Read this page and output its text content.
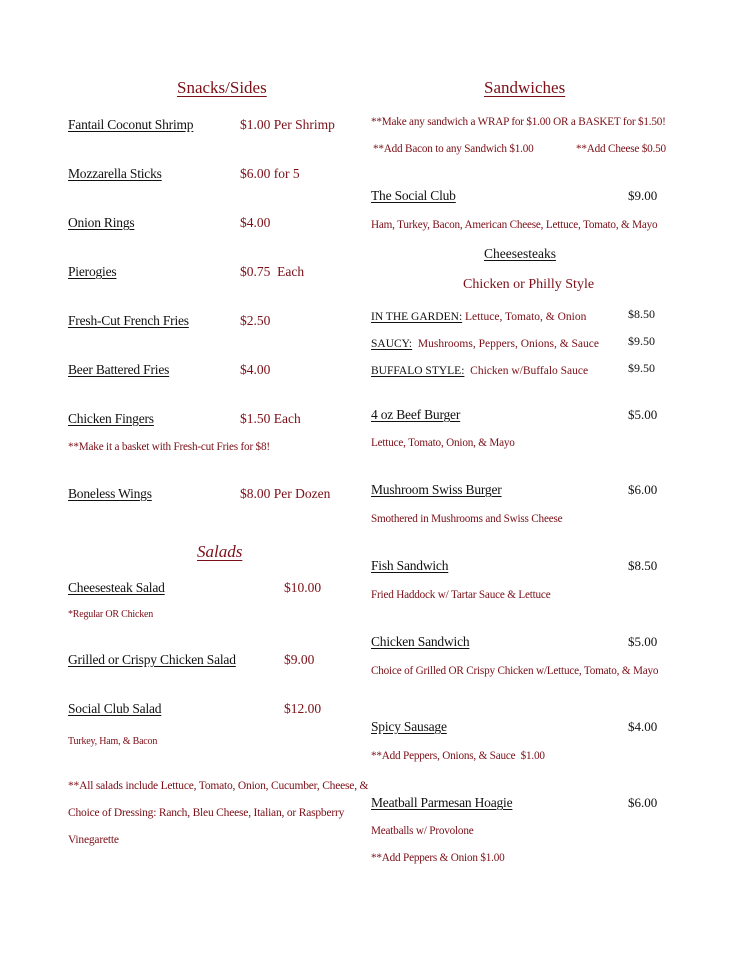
Snacks/Sides
Fantail Coconut Shrimp	$1.00 Per Shrimp
Mozzarella Sticks	$6.00 for 5
Onion Rings	$4.00
Pierogies	$0.75  Each
Fresh-Cut French Fries	$2.50
Beer Battered Fries	$4.00
Chicken Fingers	$1.50 Each
**Make it a basket with Fresh-cut Fries for $8!
Boneless Wings	$8.00 Per Dozen
Salads
Cheesesteak Salad	$10.00
*Regular OR Chicken
Grilled or Crispy Chicken Salad	$9.00
Social Club Salad	$12.00
Turkey, Ham, & Bacon
**All salads include Lettuce, Tomato, Onion, Cucumber, Cheese, &
Choice of Dressing: Ranch, Bleu Cheese, Italian, or Raspberry
Vinegarette
Sandwiches
**Make any sandwich a WRAP for $1.00 OR a BASKET for $1.50!
**Add Bacon to any Sandwich $1.00	**Add Cheese $0.50
The Social Club	$9.00
Ham, Turkey, Bacon, American Cheese, Lettuce, Tomato, & Mayo
Cheesesteaks
Chicken or Philly Style
IN THE GARDEN: Lettuce, Tomato, & Onion	$8.50
SAUCY:  Mushrooms, Peppers, Onions, & Sauce $9.50
BUFFALO STYLE:  Chicken w/Buffalo Sauce	$9.50
4 oz Beef Burger	$5.00
Lettuce, Tomato, Onion, & Mayo
Mushroom Swiss Burger	$6.00
Smothered in Mushrooms and Swiss Cheese
Fish Sandwich	$8.50
Fried Haddock w/ Tartar Sauce & Lettuce
Chicken Sandwich	$5.00
Choice of Grilled OR Crispy Chicken w/Lettuce, Tomato, & Mayo
Spicy Sausage	$4.00
**Add Peppers, Onions, & Sauce  $1.00
Meatball Parmesan Hoagie	$6.00
Meatballs w/ Provolone
**Add Peppers & Onion $1.00
